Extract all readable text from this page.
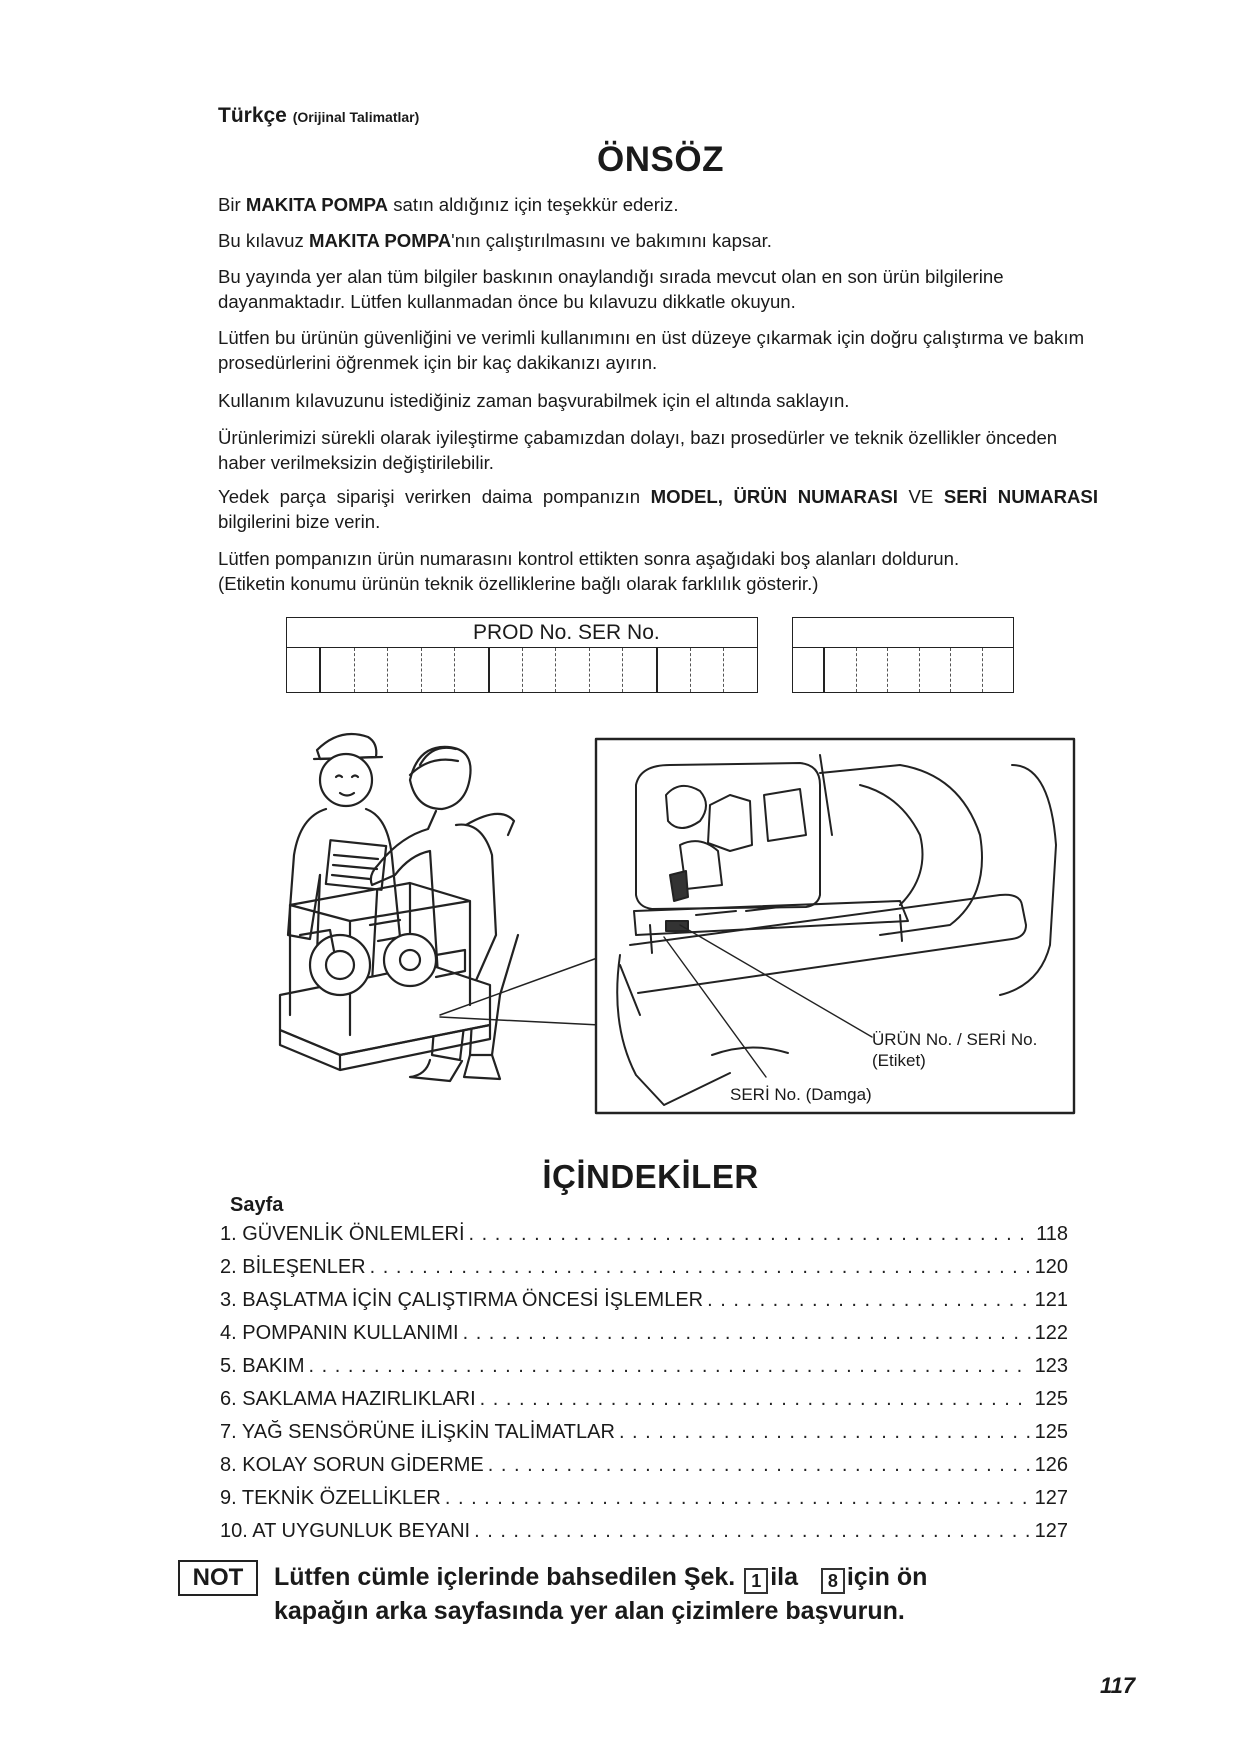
Türkçe (Orijinal Talimatlar)
ÖNSÖZ
Bir MAKITA POMPA satın aldığınız için teşekkür ederiz.
Bu kılavuz MAKITA POMPA'nın çalıştırılmasını ve bakımını kapsar.
Bu yayında yer alan tüm bilgiler baskının onaylandığı sırada mevcut olan en son ürün bilgilerine dayanmaktadır. Lütfen kullanmadan önce bu kılavuzu dikkatle okuyun.
Lütfen bu ürünün güvenliğini ve verimli kullanımını en üst düzeye çıkarmak için doğru çalıştırma ve bakım prosedürlerini öğrenmek için bir kaç dakikanızı ayırın.
Kullanım kılavuzunu istediğiniz zaman başvurabilmek için el altında saklayın.
Ürünlerimizi sürekli olarak iyileştirme çabamızdan dolayı, bazı prosedürler ve teknik özellikler önceden haber verilmeksizin değiştirilebilir.
Yedek parça siparişi verirken daima pompanızın MODEL, ÜRÜN NUMARASI VE SERİ NUMARASI bilgilerini bize verin.
Lütfen pompanızın ürün numarasını kontrol ettikten sonra aşağıdaki boş alanları doldurun.
(Etiketin konumu ürünün teknik özelliklerine bağlı olarak farklılık gösterir.)
PROD No. SER No.
ÜRÜN No. / SERİ No.
(Etiket)
SERİ No. (Damga)
İÇİNDEKİLER
Sayfa
1. GÜVENLİK ÖNLEMLERİ . . .	118
2. BİLEŞENLER . . .	120
3. BAŞLATMA İÇİN ÇALIŞTIRMA ÖNCESİ İŞLEMLER . . .	121
4. POMPANIN KULLANIMI . . .	122
5. BAKIM . . .	123
6. SAKLAMA HAZIRLIKLARI . . .	125
7. YAĞ SENSÖRÜNE İLİŞKİN TALİMATLAR . . .	125
8. KOLAY SORUN GİDERME . . .	126
9. TEKNİK ÖZELLİKLER . . .	127
10. AT UYGUNLUK BEYANI . . .	127
NOT	Lütfen cümle içlerinde bahsedilen Şek. 1 ila 8 için ön
kapağın arka sayfasında yer alan çizimlere başvurun.
117
